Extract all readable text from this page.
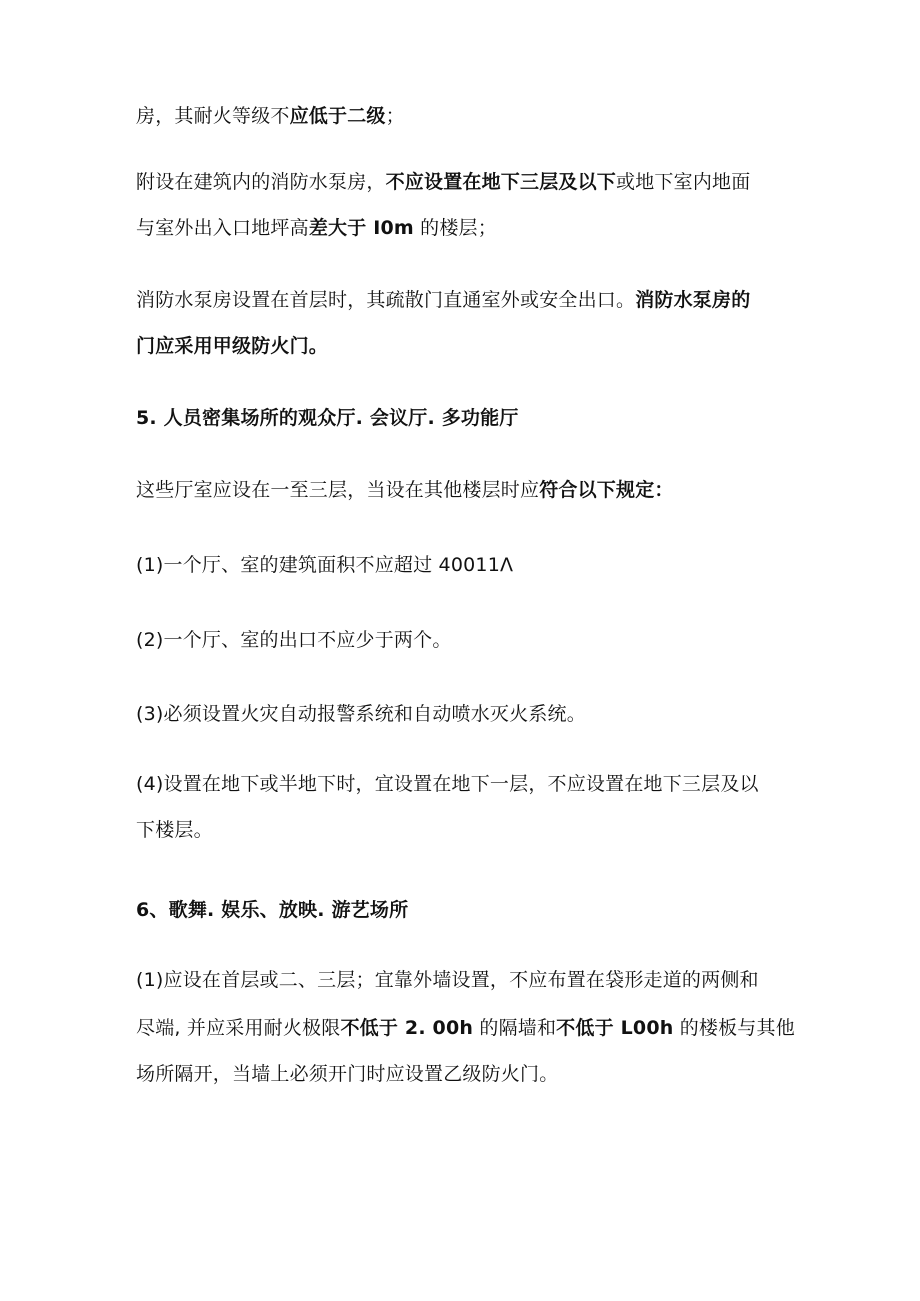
房，其耐火等级不应低于二级；
附设在建筑内的消防水泵房，不应设置在地下三层及以下或地下室内地面
与室外出入口地坪高差大于 I0m 的楼层；
消防水泵房设置在首层时，其疏散门直通室外或安全出口。消防水泵房的
门应采用甲级防火门。
5. 人员密集场所的观众厅. 会议厅. 多功能厅
这些厅室应设在一至三层，当设在其他楼层时应符合以下规定：
(1)一个厅、室的建筑面积不应超过 40011Λ
(2)一个厅、室的出口不应少于两个。
(3)必须设置火灾自动报警系统和自动喷水灭火系统。
(4)设置在地下或半地下时，宜设置在地下一层，不应设置在地下三层及以
下楼层。
6、歌舞. 娱乐、放映. 游艺场所
(1)应设在首层或二、三层；宜靠外墙设置，不应布置在袋形走道的两侧和
尽端, 并应采用耐火极限不低于 2. 00h 的隔墙和不低于 L00h 的楼板与其他
场所隔开，当墙上必须开门时应设置乙级防火门。
